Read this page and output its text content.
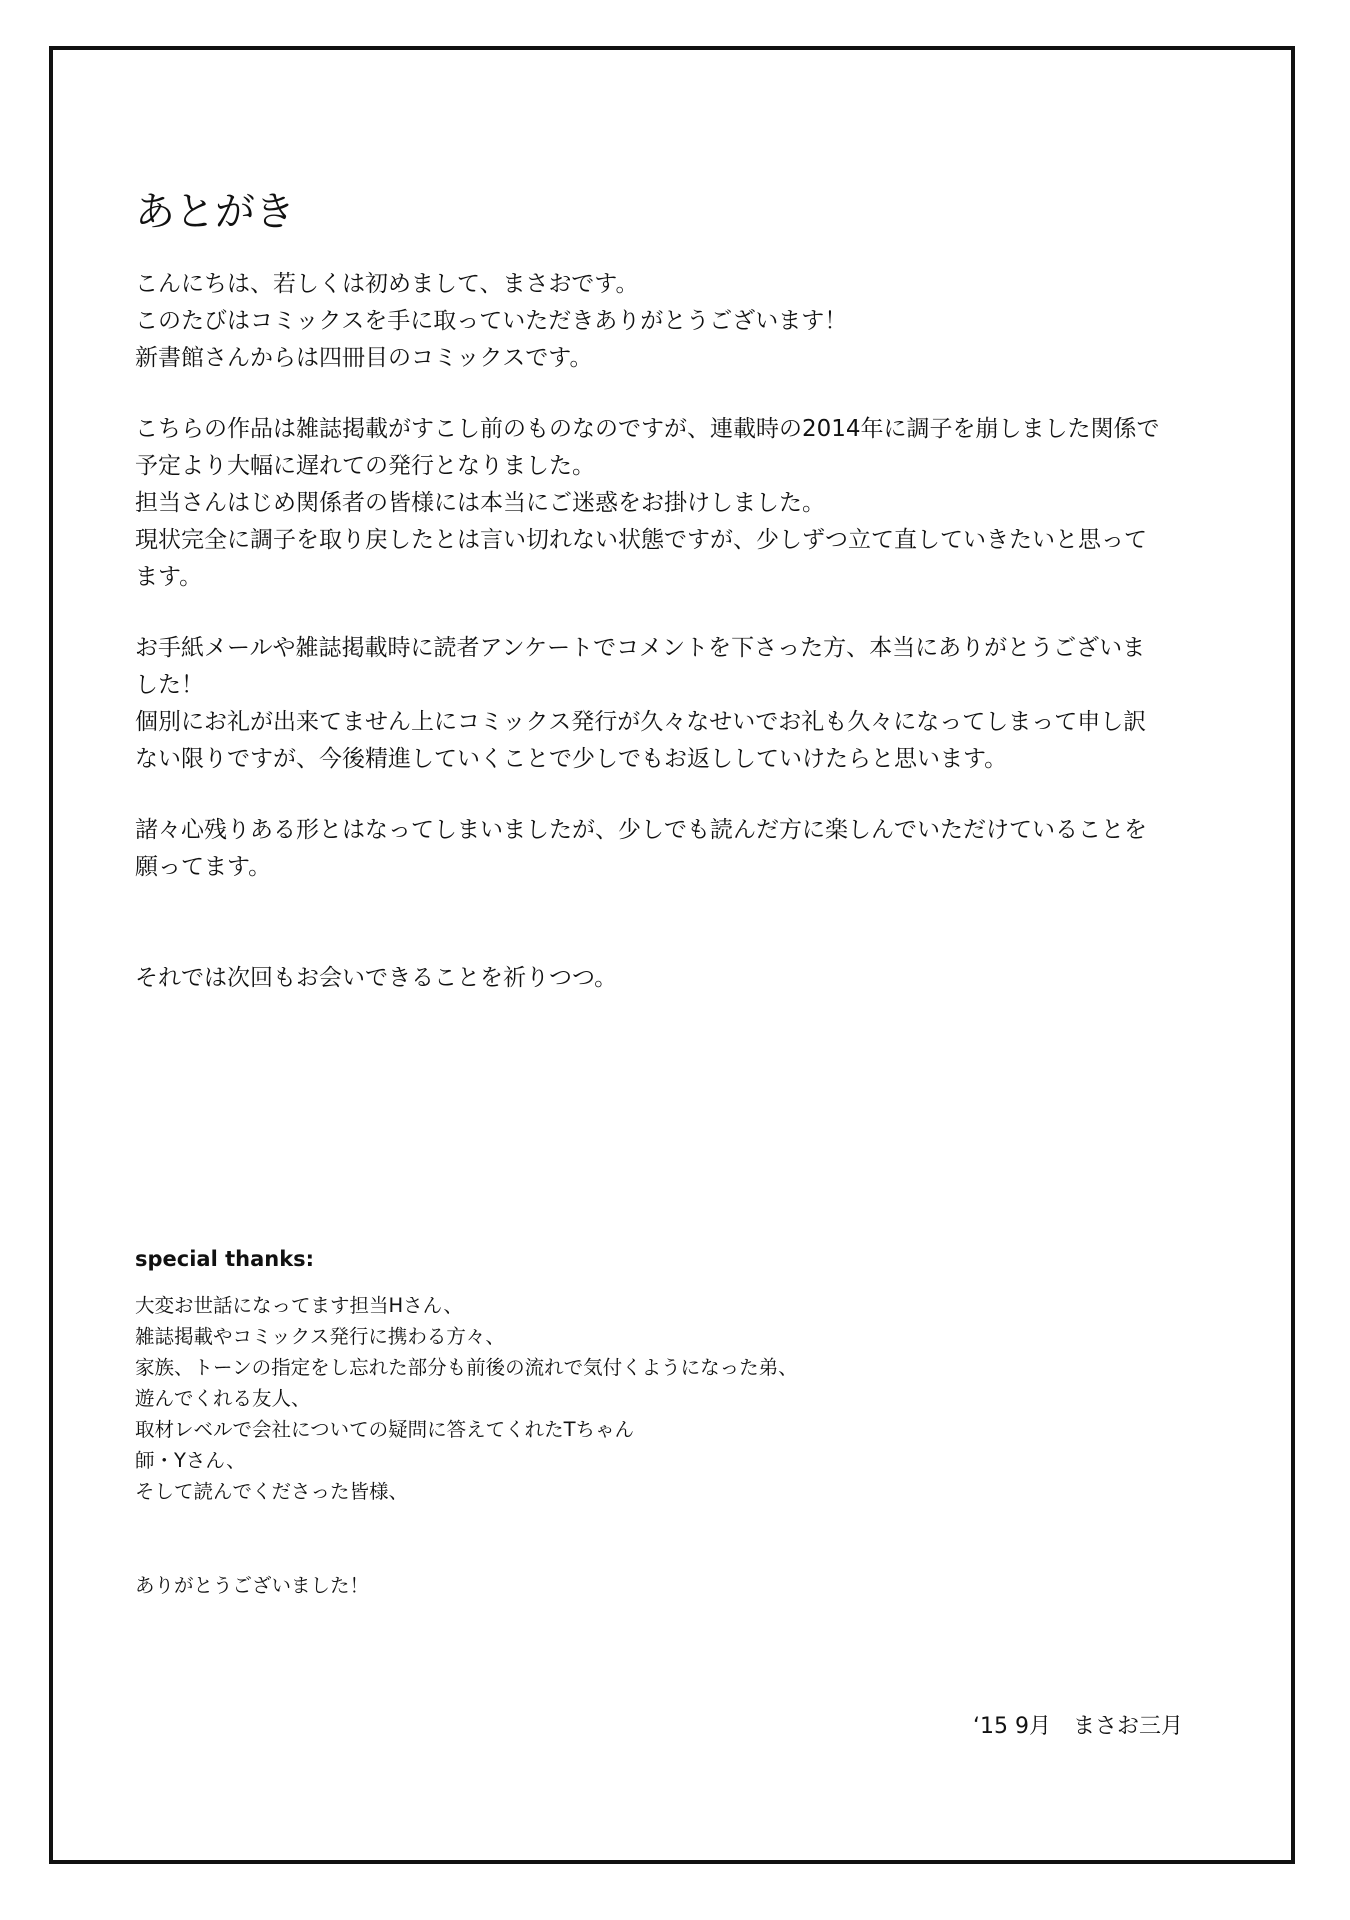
あとがき
こんにちは、若しくは初めまして、まさおです。
このたびはコミックスを手に取っていただきありがとうございます！
新書館さんからは四冊目のコミックスです。
こちらの作品は雑誌掲載がすこし前のものなのですが、連載時の2014年に調子を崩しました関係で
予定より大幅に遅れての発行となりました。
担当さんはじめ関係者の皆様には本当にご迷惑をお掛けしました。
現状完全に調子を取り戻したとは言い切れない状態ですが、少しずつ立て直していきたいと思って
ます。
お手紙メールや雑誌掲載時に読者アンケートでコメントを下さった方、本当にありがとうございま
した！
個別にお礼が出来てません上にコミックス発行が久々なせいでお礼も久々になってしまって申し訳
ない限りですが、今後精進していくことで少しでもお返ししていけたらと思います。
諸々心残りある形とはなってしまいましたが、少しでも読んだ方に楽しんでいただけていることを
願ってます。
それでは次回もお会いできることを祈りつつ。
special thanks:
大変お世話になってます担当Hさん、
雑誌掲載やコミックス発行に携わる方々、
家族、トーンの指定をし忘れた部分も前後の流れで気付くようになった弟、
遊んでくれる友人、
取材レベルで会社についての疑問に答えてくれたTちゃん
師・Yさん、
そして読んでくださった皆様、
ありがとうございました！
‘15 9月　まさお三月
